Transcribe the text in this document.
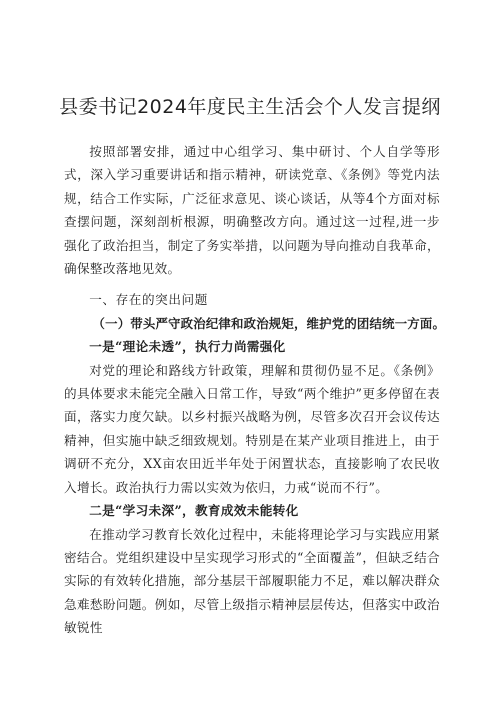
县委书记2024年度民主生活会个人发言提纲

按照部署安排，通过中心组学习、集中研讨、个人自学等形式，深入学习重要讲话和指示精神，研读党章、《条例》等党内法规，结合工作实际，广泛征求意见、谈心谈话，从等4个方面对标查摆问题，深刻剖析根源，明确整改方向。通过这一过程,进一步强化了政治担当，制定了务实举措，以问题为导向推动自我革命，确保整改落地见效。

一、存在的突出问题
（一）带头严守政治纪律和政治规矩，维护党的团结统一方面。
一是“理论未透”，执行力尚需强化

对党的理论和路线方针政策，理解和贯彻仍显不足。《条例》的具体要求未能完全融入日常工作，导致“两个维护”更多停留在表面，落实力度欠缺。以乡村振兴战略为例，尽管多次召开会议传达精神，但实施中缺乏细致规划。特别是在某产业项目推进上，由于调研不充分，XX亩农田近半年处于闲置状态，直接影响了农民收入增长。政治执行力需以实效为依归，力戒“说而不行”。

二是“学习未深”，教育成效未能转化

在推动学习教育长效化过程中，未能将理论学习与实践应用紧密结合。党组织建设中呈实现学习形式的“全面覆盖”，但缺乏结合实际的有效转化措施，部分基层干部履职能力不足，难以解决群众急难愁盼问题。例如，尽管上级指示精神层层传达，但落实中政治敏锐性
